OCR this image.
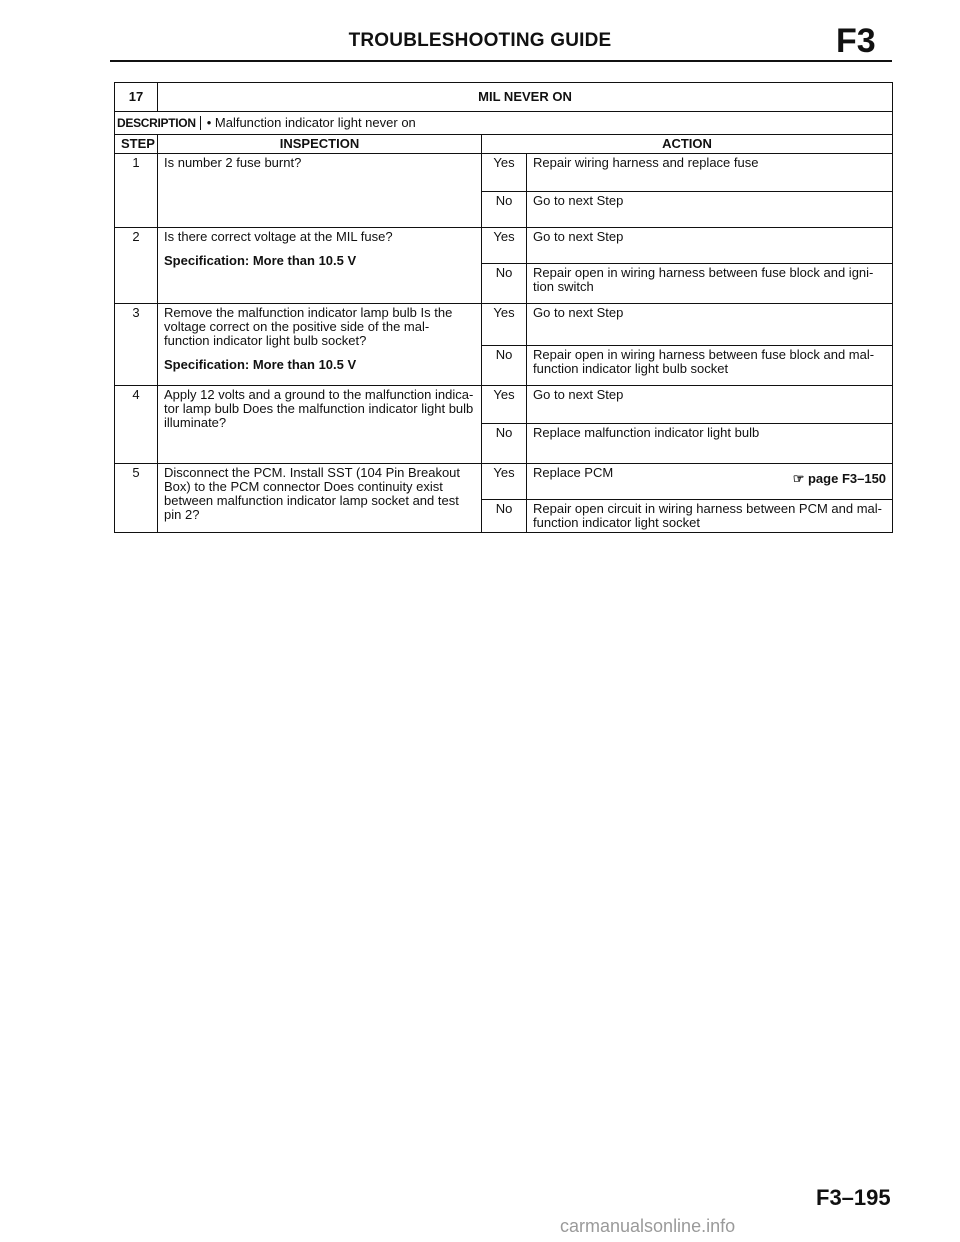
TROUBLESHOOTING GUIDE	F3
17	MIL NEVER ON		
DESCRIPTION • Malfunction indicator light never on			
STEP	INSPECTION	ACTION	
1	Is number 2 fuse burnt?	Yes	Repair wiring harness and replace fuse
		No	Go to next Step
2	Is there correct voltage at the MIL fuse?
Specification: More than 10.5 V	Yes	Go to next Step
		No	Repair open in wiring harness between fuse block and igni- tion switch
3	Remove the malfunction indicator lamp bulb Is the voltage correct on the positive side of the mal- function indicator light bulb socket?
Specification: More than 10.5 V	Yes	Go to next Step
		No	Repair open in wiring harness between fuse block and mal- function indicator light bulb socket
4	Apply 12 volts and a ground to the malfunction indica- tor lamp bulb Does the malfunction indicator light bulb illuminate?	Yes	Go to next Step
		No	Replace malfunction indicator light bulb
5	Disconnect the PCM. Install SST (104 Pin Breakout Box) to the PCM connector Does continuity exist between malfunction indicator lamp socket and test pin 2?	Yes	Replace PCM ☞ page F3–150

		No	Repair open circuit in wiring harness between PCM and mal- function indicator light socket
F3–195
carmanualsonline.info
